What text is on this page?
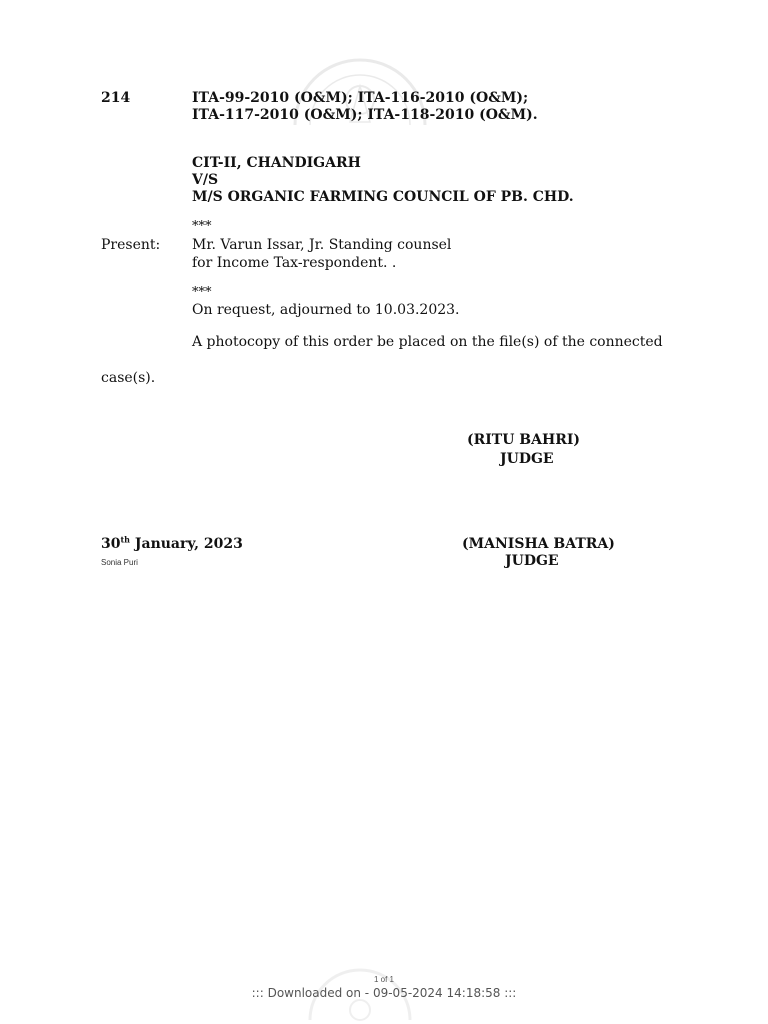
214	ITA-99-2010 (O&M); ITA-116-2010 (O&M);
ITA-117-2010 (O&M); ITA-118-2010 (O&M).
CIT-II, CHANDIGARH
V/S
M/S ORGANIC FARMING COUNCIL OF PB. CHD.
***
Present: Mr. Varun Issar, Jr. Standing counsel
for Income Tax-respondent. .
***
On request, adjourned to 10.03.2023.
A photocopy of this order be placed on the file(s) of the connected
case(s).
(RITU BAHRI)
JUDGE
30th January, 2023
Sonia Puri
(MANISHA BATRA)
JUDGE
1 of 1
::: Downloaded on - 09-05-2024 14:18:58 :::
